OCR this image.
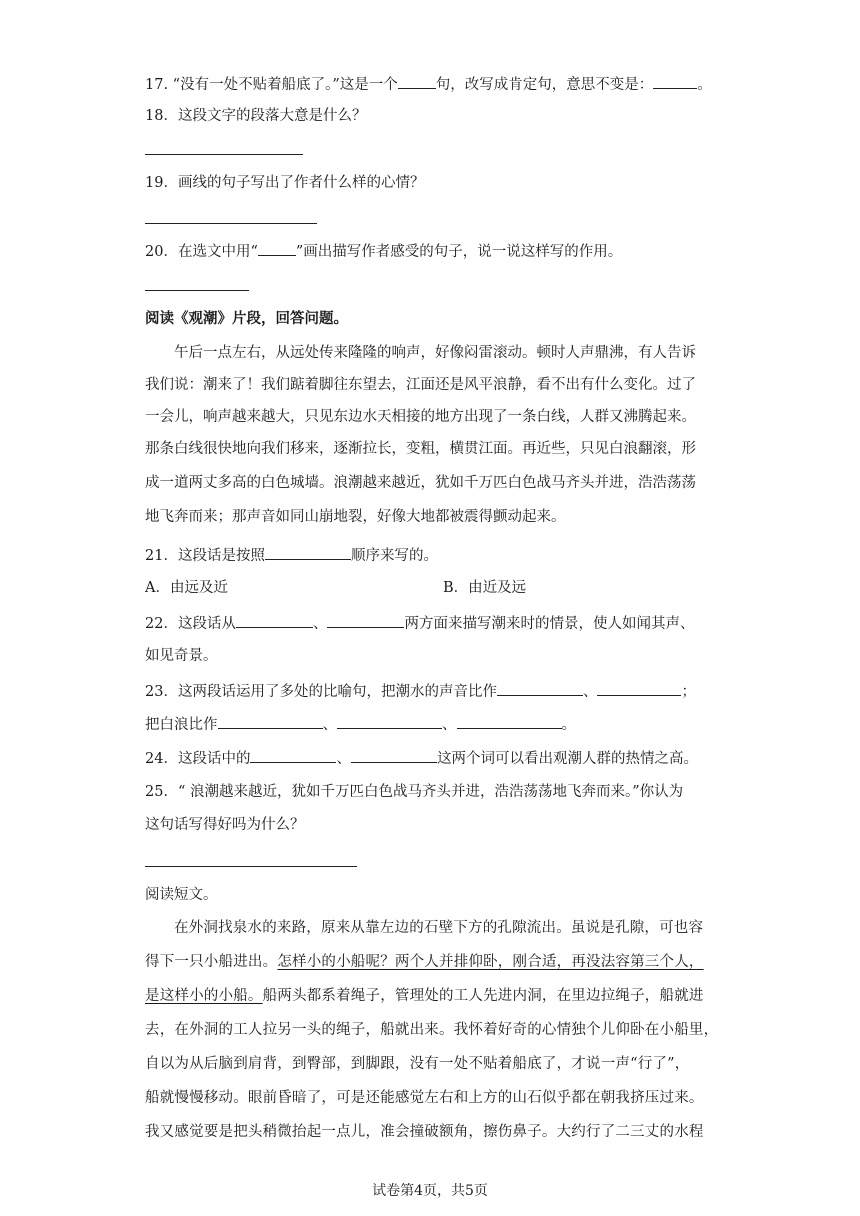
17. “没有一处不贴着船底了。”这是一个	句，改写成肯定句，意思不变是：	。
18．这段文字的段落大意是什么？
19．画线的句子写出了作者什么样的心情？
20．在选文中用“	”画出描写作者感受的句子，说一说这样写的作用。
阅读《观潮》片段，回答问题。
午后一点左右，从远处传来隆隆的响声，好像闷雷滚动。顿时人声鼎沸，有人告诉
我们说：潮来了！我们踮着脚往东望去，江面还是风平浪静，看不出有什么变化。过了
一会儿，响声越来越大，只见东边水天相接的地方出现了一条白线，人群又沸腾起来。
那条白线很快地向我们移来，逐渐拉长，变粗，横贯江面。再近些，只见白浪翻滚，形
成一道两丈多高的白色城墙。浪潮越来越近，犹如千万匹白色战马齐头并进，浩浩荡荡
地飞奔而来；那声音如同山崩地裂，好像大地都被震得颤动起来。
21．这段话是按照	顺序来写的。
A．由远及近	B．由近及远
22．这段话从	、	两方面来描写潮来时的情景，使人如闻其声、
如见奇景。
23．这两段话运用了多处的比喻句，把潮水的声音比作	、	；
把白浪比作	、	、	。
24．这段话中的	、	这两个词可以看出观潮人群的热情之高。
25．“ 浪潮越来越近，犹如千万匹白色战马齐头并进，浩浩荡荡地飞奔而来。”你认为
这句话写得好吗为什么？
阅读短文。
在外洞找泉水的来路，原来从靠左边的石壁下方的孔隙流出。虽说是孔隙，可也容
得下一只小船进出。怎样小的小船呢？两个人并排仰卧，刚合适，再没法容第三个人，
是这样小的小船。船两头都系着绳子，管理处的工人先进内洞，在里边拉绳子，船就进
去，在外洞的工人拉另一头的绳子，船就出来。我怀着好奇的心情独个儿仰卧在小船里，
自以为从后脑到肩背，到臀部，到脚跟，没有一处不贴着船底了，才说一声“行了”，
船就慢慢移动。眼前昏暗了，可是还能感觉左右和上方的山石似乎都在朝我挤压过来。
我又感觉要是把头稍微抬起一点儿，准会撞破额角，擦伤鼻子。大约行了二三丈的水程
试卷第4页，共5页
